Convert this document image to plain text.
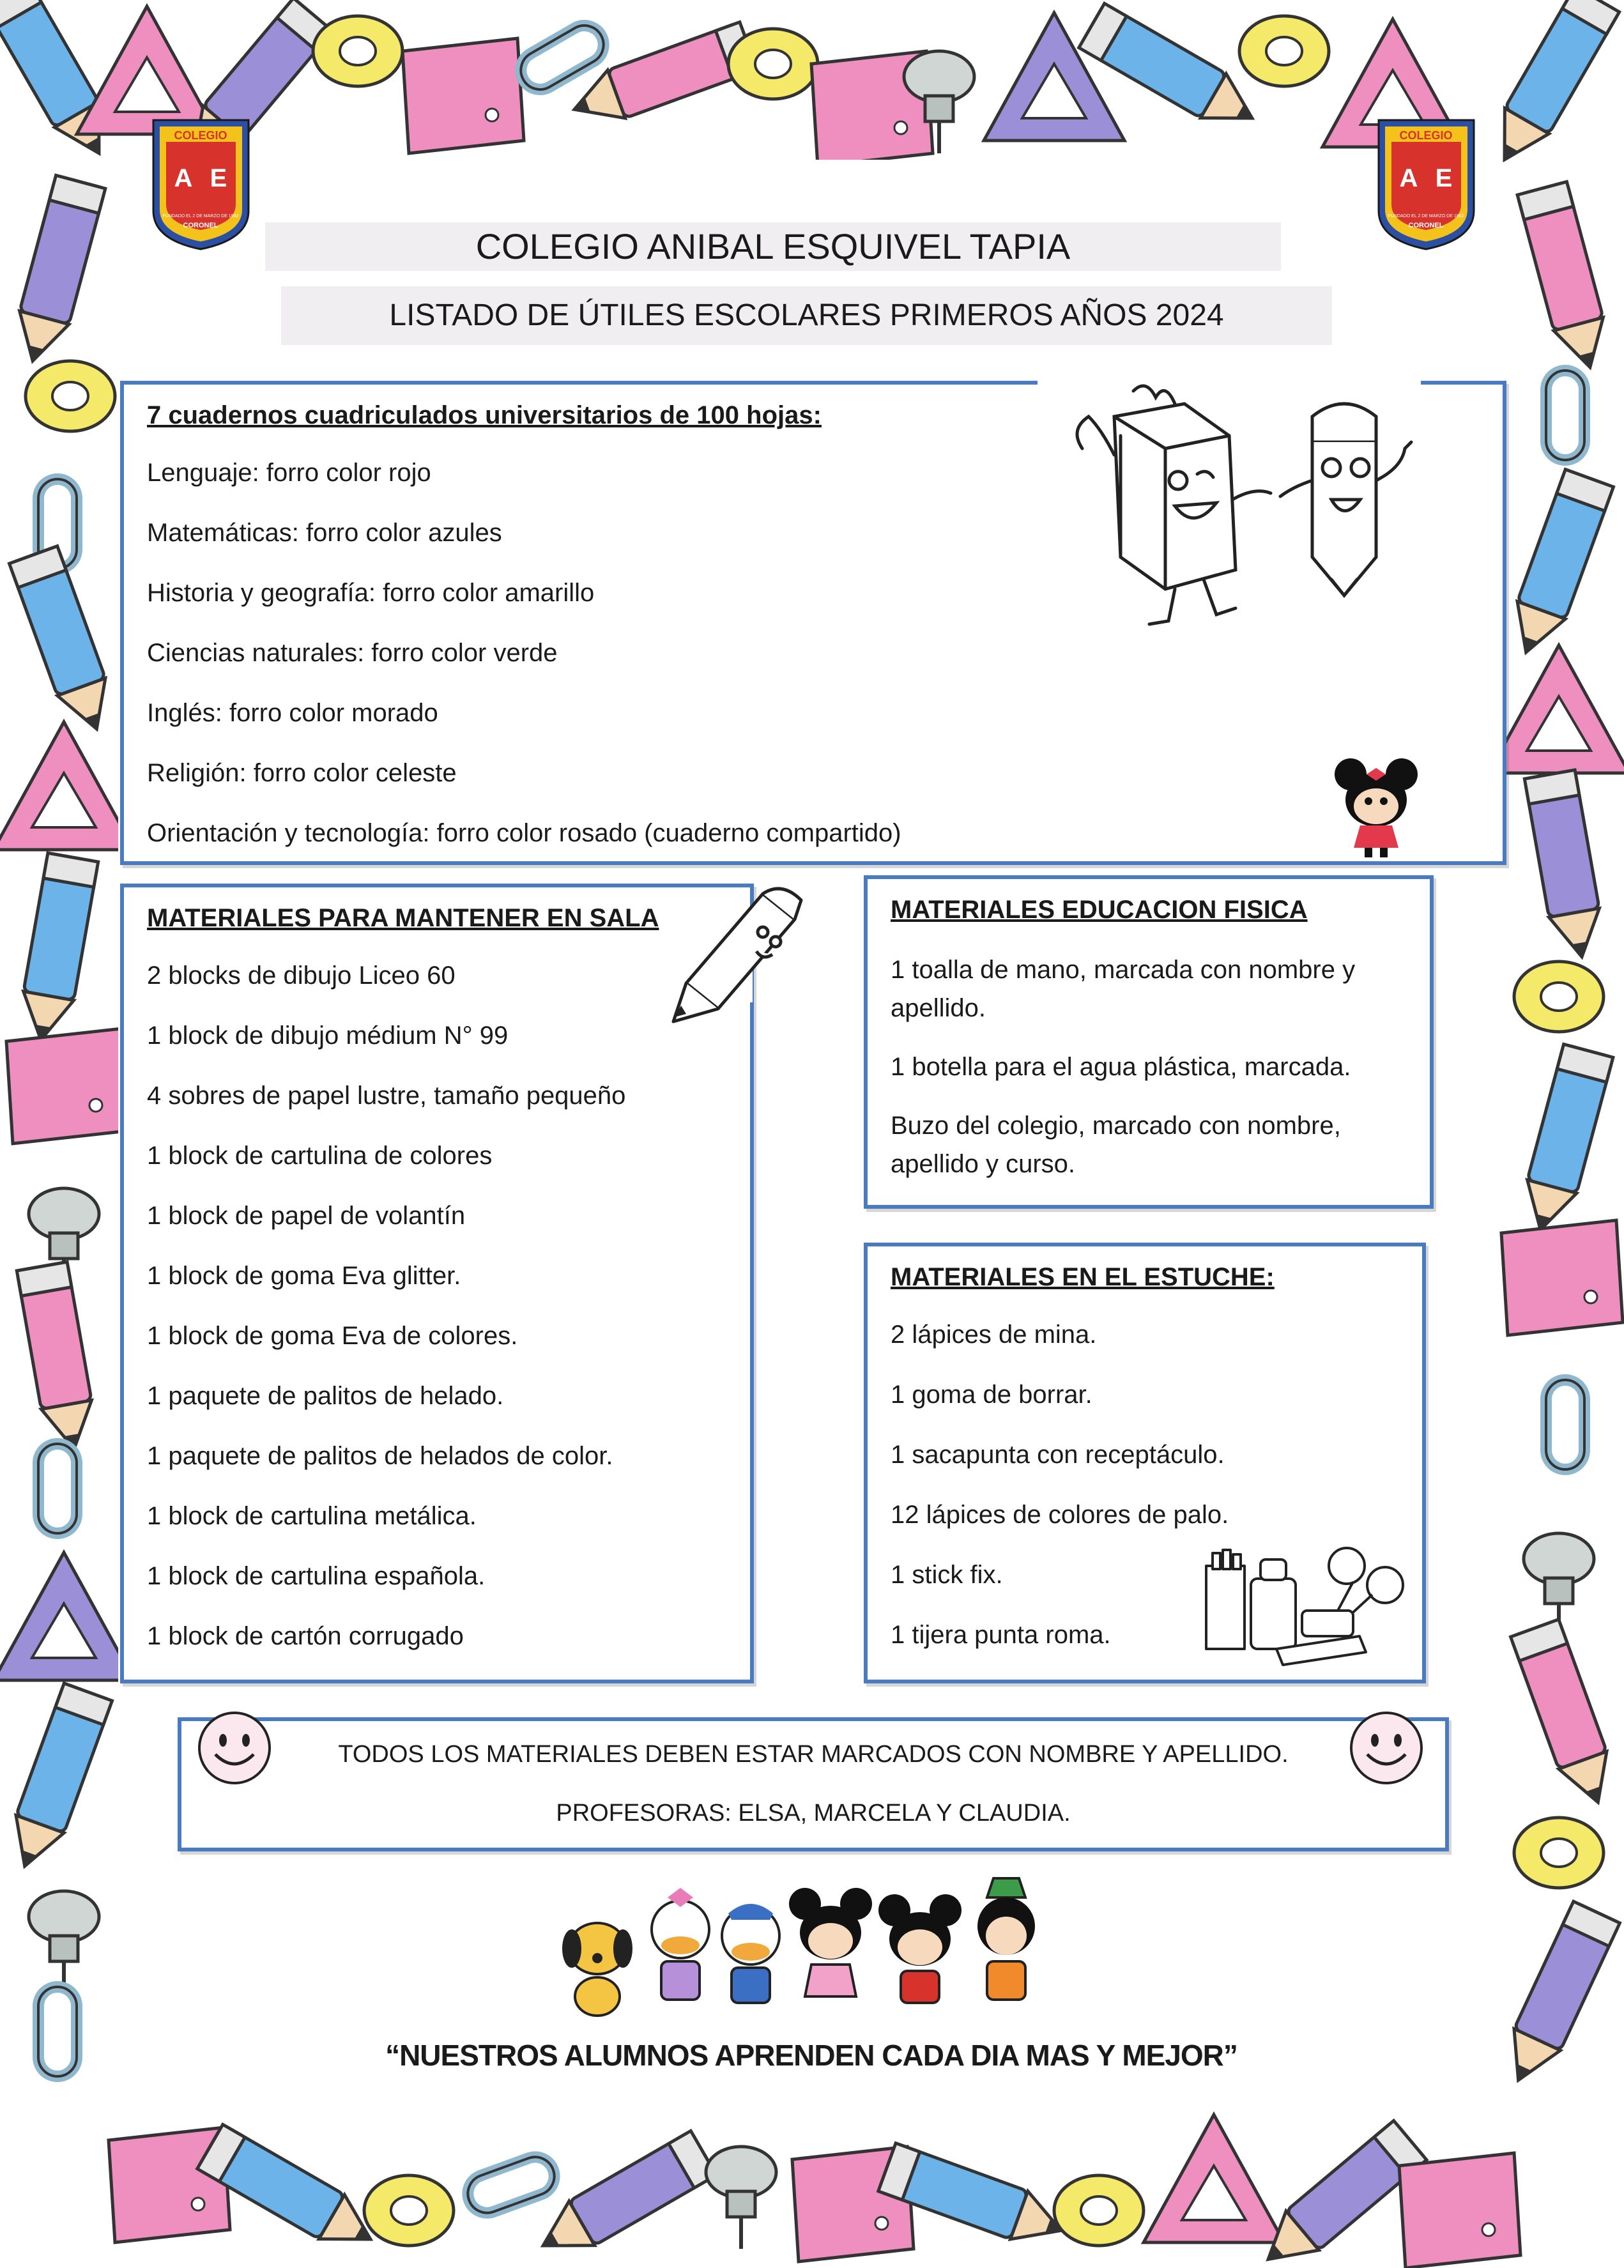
COLEGIO
A E
FUNDADO EL 2 DE MARZO DE 1962
CORONEL
COLEGIO
A E
FUNDADO EL 2 DE MARZO DE 1962
CORONEL
COLEGIO ANIBAL ESQUIVEL TAPIA
LISTADO DE ÚTILES ESCOLARES PRIMEROS AÑOS 2024
7 cuadernos cuadriculados universitarios de 100 hojas:
Lenguaje: forro color rojo
Matemáticas: forro color azules
Historia y geografía: forro color amarillo
Ciencias naturales: forro color verde
Inglés: forro color morado
Religión: forro color celeste
Orientación y tecnología: forro color rosado (cuaderno compartido)
MATERIALES PARA MANTENER EN SALA
2 blocks de dibujo Liceo 60
1 block de dibujo médium N° 99
4 sobres de papel lustre, tamaño pequeño
1 block de cartulina de colores
1 block de papel de volantín
1 block de goma Eva glitter.
1 block de goma Eva de colores.
1 paquete de palitos de helado.
1 paquete de palitos de helados de color.
1 block de cartulina metálica.
1 block de cartulina española.
1 block de cartón corrugado
MATERIALES EDUCACION FISICA
1 toalla de mano, marcada con nombre y
apellido.
1 botella para el agua plástica, marcada.
Buzo del colegio, marcado con nombre,
apellido y curso.
MATERIALES EN EL ESTUCHE:
2 lápices de mina.
1 goma de borrar.
1 sacapunta con receptáculo.
12 lápices de colores de palo.
1 stick fix.
1 tijera punta roma.
TODOS LOS MATERIALES DEBEN ESTAR MARCADOS CON NOMBRE Y APELLIDO.
PROFESORAS: ELSA, MARCELA Y CLAUDIA.
“NUESTROS ALUMNOS APRENDEN CADA DIA MAS Y MEJOR”
